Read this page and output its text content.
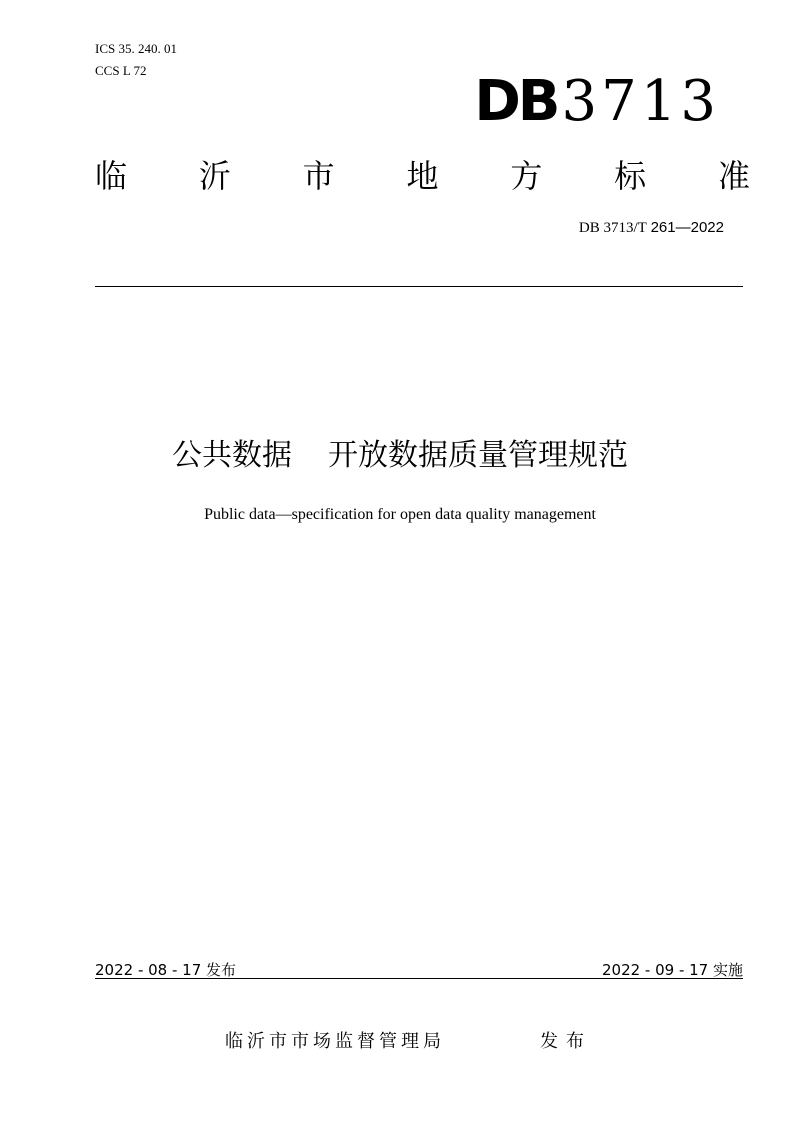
ICS 35. 240. 01
CCS L 72	DB3713
临 沂 市 地 方 标 准
DB 3713/T 261—2022
公共数据 开放数据质量管理规范
Public data—specification for open data quality management
2022 - 08 - 17 发布	2022 - 09 - 17 实施
临沂市市场监督管理局	发布
